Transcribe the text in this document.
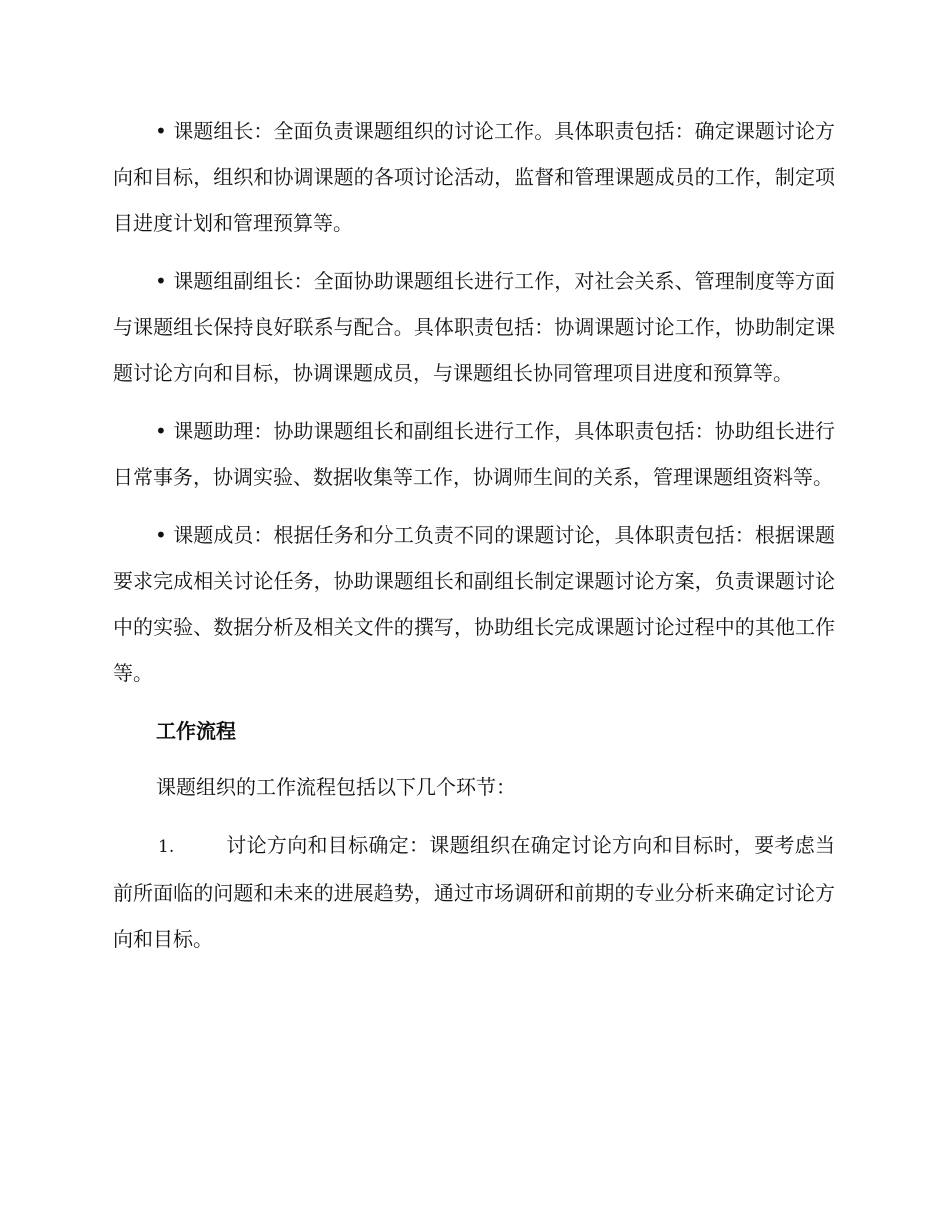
• 课题组长：全面负责课题组织的讨论工作。具体职责包括：确定课题讨论方向和目标，组织和协调课题的各项讨论活动，监督和管理课题成员的工作，制定项目进度计划和管理预算等。

• 课题组副组长：全面协助课题组长进行工作，对社会关系、管理制度等方面与课题组长保持良好联系与配合。具体职责包括：协调课题讨论工作，协助制定课题讨论方向和目标，协调课题成员，与课题组长协同管理项目进度和预算等。

• 课题助理：协助课题组长和副组长进行工作，具体职责包括：协助组长进行日常事务，协调实验、数据收集等工作，协调师生间的关系，管理课题组资料等。

• 课题成员：根据任务和分工负责不同的课题讨论，具体职责包括：根据课题要求完成相关讨论任务，协助课题组长和副组长制定课题讨论方案，负责课题讨论中的实验、数据分析及相关文件的撰写，协助组长完成课题讨论过程中的其他工作等。

工作流程

课题组织的工作流程包括以下几个环节：

1.	讨论方向和目标确定：课题组织在确定讨论方向和目标时，要考虑当前所面临的问题和未来的进展趋势，通过市场调研和前期的专业分析来确定讨论方向和目标。
